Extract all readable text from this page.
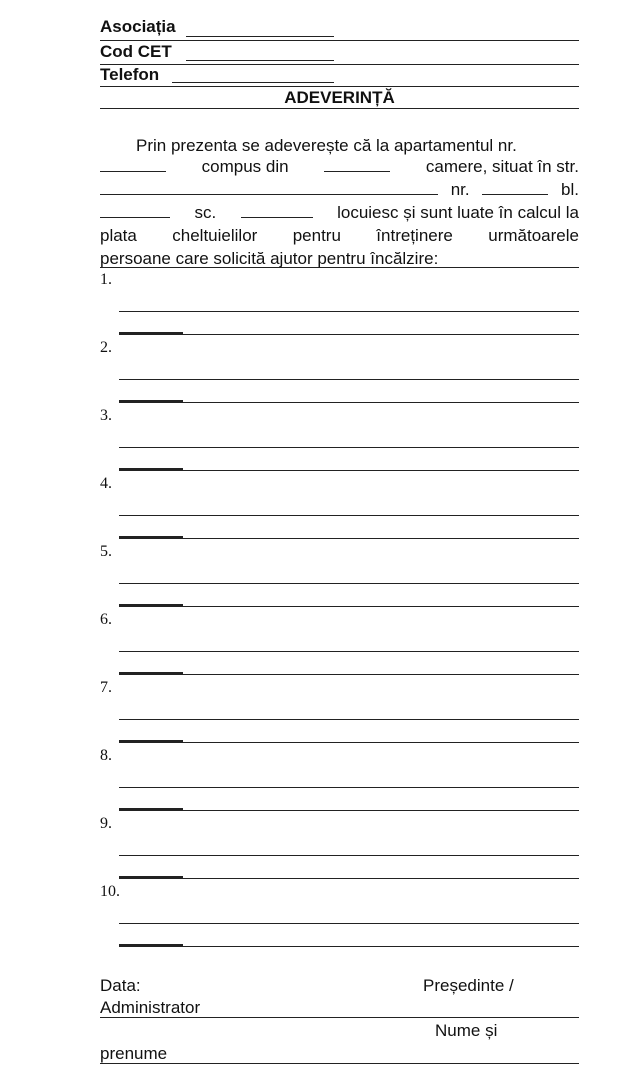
Asociația
Cod CET
Telefon
ADEVERINȚĂ
Prin prezenta se adeverește că la apartamentul nr.
compus din	camere, situat în str.
nr.	bl.
sc.	locuiesc și sunt luate în calcul la
plata cheltuielilor pentru întreținere următoarele
persoane care solicită ajutor pentru încălzire:
1.
2.
3.
4.
5.
6.
7.
8.
9.
10.
Data:	Președinte /
Administrator
Nume și
prenume
